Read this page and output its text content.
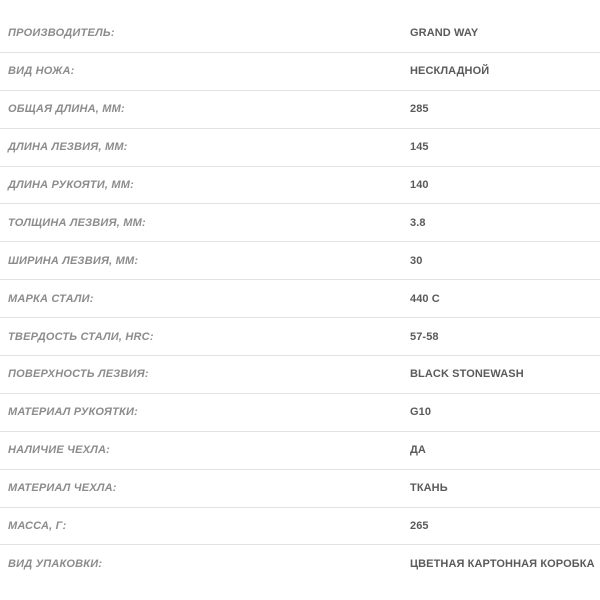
ПРОИЗВОДИТЕЛЬ:	GRAND WAY
ВИД НОЖА:	НЕСКЛАДНОЙ
ОБЩАЯ ДЛИНА, ММ:	285
ДЛИНА ЛЕЗВИЯ, ММ:	145
ДЛИНА РУКОЯТИ, ММ:	140
ТОЛЩИНА ЛЕЗВИЯ, ММ:	3.8
ШИРИНА ЛЕЗВИЯ, ММ:	30
МАРКА СТАЛИ:	440 С
ТВЕРДОСТЬ СТАЛИ, HRC:	57-58
ПОВЕРХНОСТЬ ЛЕЗВИЯ:	BLACK STONEWASH
МАТЕРИАЛ РУКОЯТКИ:	G10
НАЛИЧИЕ ЧЕХЛА:	ДА
МАТЕРИАЛ ЧЕХЛА:	ТКАНЬ
МАССА, Г:	265
ВИД УПАКОВКИ:	ЦВЕТНАЯ КАРТОННАЯ КОРОБКА
